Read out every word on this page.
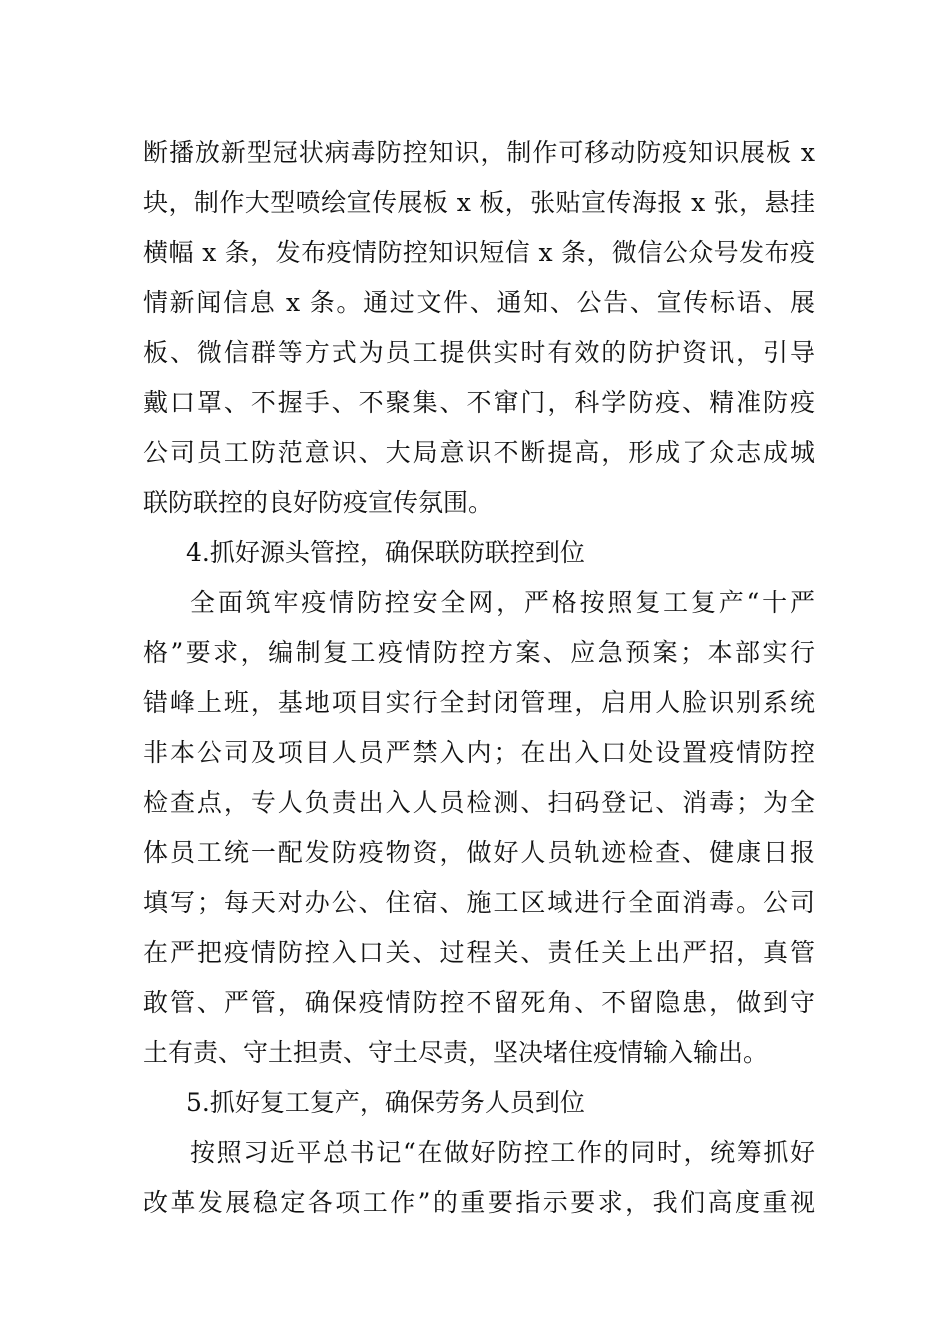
断播放新型冠状病毒防控知识，制作可移动防疫知识展板 x
块，制作大型喷绘宣传展板 x 板，张贴宣传海报 x 张，悬挂
横幅 x 条，发布疫情防控知识短信 x 条，微信公众号发布疫
情新闻信息 x 条。通过文件、通知、公告、宣传标语、展
板、微信群等方式为员工提供实时有效的防护资讯，引导
戴口罩、不握手、不聚集、不窜门，科学防疫、精准防疫
公司员工防范意识、大局意识不断提高，形成了众志成城
联防联控的良好防疫宣传氛围。
4.抓好源头管控，确保联防联控到位
全面筑牢疫情防控安全网，严格按照复工复产“十严
格”要求，编制复工疫情防控方案、应急预案；本部实行
错峰上班，基地项目实行全封闭管理，启用人脸识别系统
非本公司及项目人员严禁入内；在出入口处设置疫情防控
检查点，专人负责出入人员检测、扫码登记、消毒；为全
体员工统一配发防疫物资，做好人员轨迹检查、健康日报
填写；每天对办公、住宿、施工区域进行全面消毒。公司
在严把疫情防控入口关、过程关、责任关上出严招，真管
敢管、严管，确保疫情防控不留死角、不留隐患，做到守
土有责、守土担责、守土尽责，坚决堵住疫情输入输出。
5.抓好复工复产，确保劳务人员到位
按照习近平总书记“在做好防控工作的同时，统筹抓好
改革发展稳定各项工作”的重要指示要求，我们高度重视
